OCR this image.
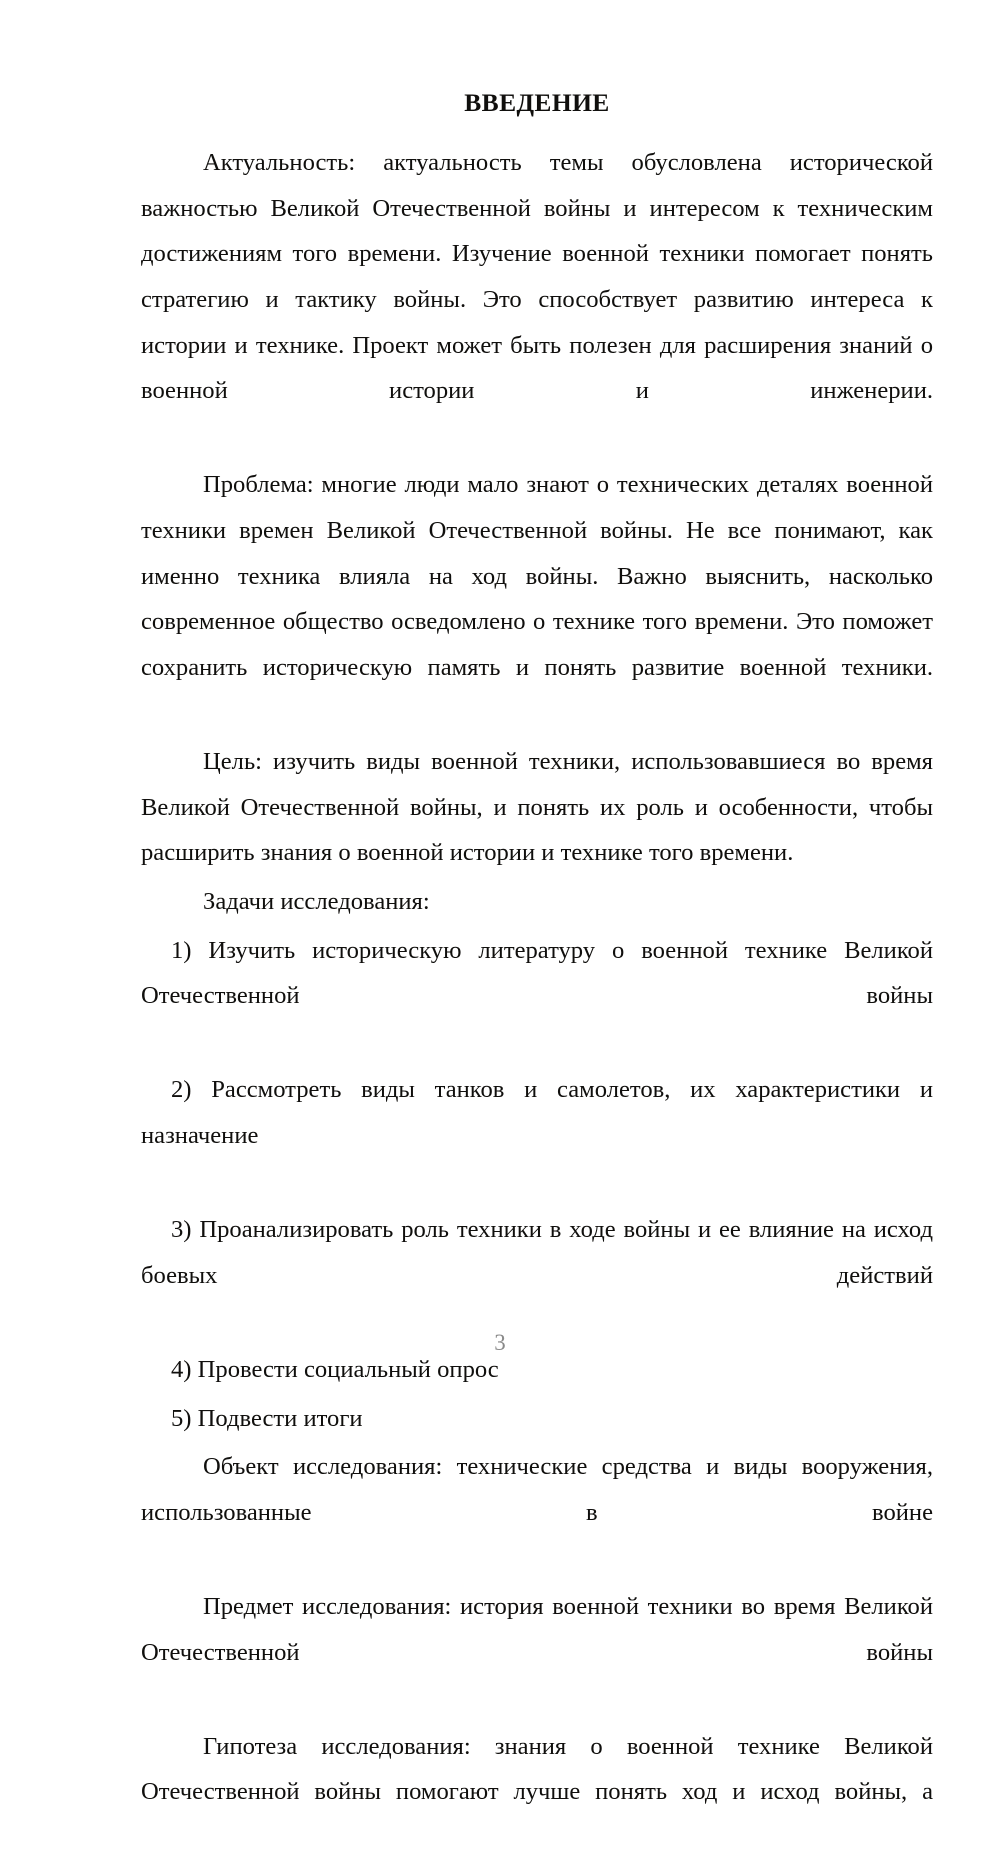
ВВЕДЕНИЕ

Актуальность: актуальность темы обусловлена исторической важностью Великой Отечественной войны и интересом к техническим достижениям того времени. Изучение военной техники помогает понять стратегию и тактику войны. Это способствует развитию интереса к истории и технике. Проект может быть полезен для расширения знаний о военной истории и инженерии.

Проблема: многие люди мало знают о технических деталях военной техники времен Великой Отечественной войны. Не все понимают, как именно техника влияла на ход войны. Важно выяснить, насколько современное общество осведомлено о технике того времени. Это поможет сохранить историческую память и понять развитие военной техники.

Цель: изучить виды военной техники, использовавшиеся во время Великой Отечественной войны, и понять их роль и особенности, чтобы расширить знания о военной истории и технике того времени.

Задачи исследования:

1) Изучить историческую литературу о военной технике Великой Отечественной войны

2) Рассмотреть виды танков и самолетов, их характеристики и назначение

3) Проанализировать роль техники в ходе войны и ее влияние на исход боевых действий

4) Провести социальный опрос

5) Подвести итоги

Объект исследования: технические средства и виды вооружения, использованные в войне

Предмет исследования: история военной техники во время Великой Отечественной войны

Гипотеза исследования: знания о военной технике Великой Отечественной войны помогают лучше понять ход и исход войны, а

3
